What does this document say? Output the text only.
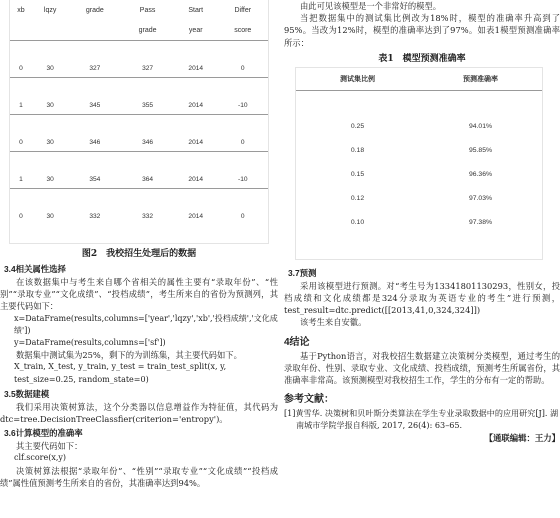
xb	lqzy	grade	Pass	Start	Differ
			grade	year	score

0	30	327	327	2014	0

1	30	345	355	2014	-10

0	30	346	346	2014	0

1	30	354	364	2014	-10

0	30	332	332	2014	0

图2　我校招生处理后的数据
3.4相关属性选择

在该数据集中与考生来自哪个省相关的属性主要有“录取年份”、“性别”“录取专业”“文化成绩”、“投档成绩”，考生所来自的省份为预测列，其主要代码如下：

x=DataFrame(results,columns=['year','lqzy','xb','投档成绩','文化成绩'])

y=DataFrame(results,columns=['sf'])

数据集中测试集为25%，剩下的为训练集，其主要代码如下。

X_train, X_test, y_train, y_test = train_test_split(x, y, test_size=0.25, random_state=0)

3.5数据建模

我们采用决策树算法，这个分类器以信息增益作为特征值，其代码为dtc=tree.DecisionTreeClassfier(criterion='entropy')。

3.6计算模型的准确率

其主要代码如下：

clf.score(x,y)

决策树算法根据“录取年份”、“性别”“录取专业”“文化成绩”“投档成绩”属性值预测考生所来自的省份，其准确率达到94%。

由此可见该模型是一个非常好的模型。

当把数据集中的测试集比例改为18%时，模型的准确率升高到了95%。当改为12%时，模型的准确率达到了97%。如表1模型预测准确率所示：

表1　模型预测准确率
测试集比例	预测准确率

0.25	94.01%
0.18	95.85%
0.15	96.36%
0.12	97.03%
0.10	97.38%

3.7预测

采用该模型进行预测。对“考生号为13341801130293，性别女，投档成绩和文化成绩都是324分录取为英语专业的考生”进行预测，test_result=dtc.predict([[2013,41,0,324,324]])

该考生来自安徽。

4结论

基于Python语言，对我校招生数据建立决策树分类模型，通过考生的录取年份、性别、录取专业、文化成绩、投档成绩，预测考生所属省份，其准确率非常高。该预测模型对我校招生工作，学生的分布有一定的帮助。

参考文献：

[1]黄雪华. 决策树和贝叶斯分类算法在学生专业录取数据中的应用研究[J]. 湖南城市学院学报自科版, 2017, 26(4): 63–65.

【通联编辑：王力】
